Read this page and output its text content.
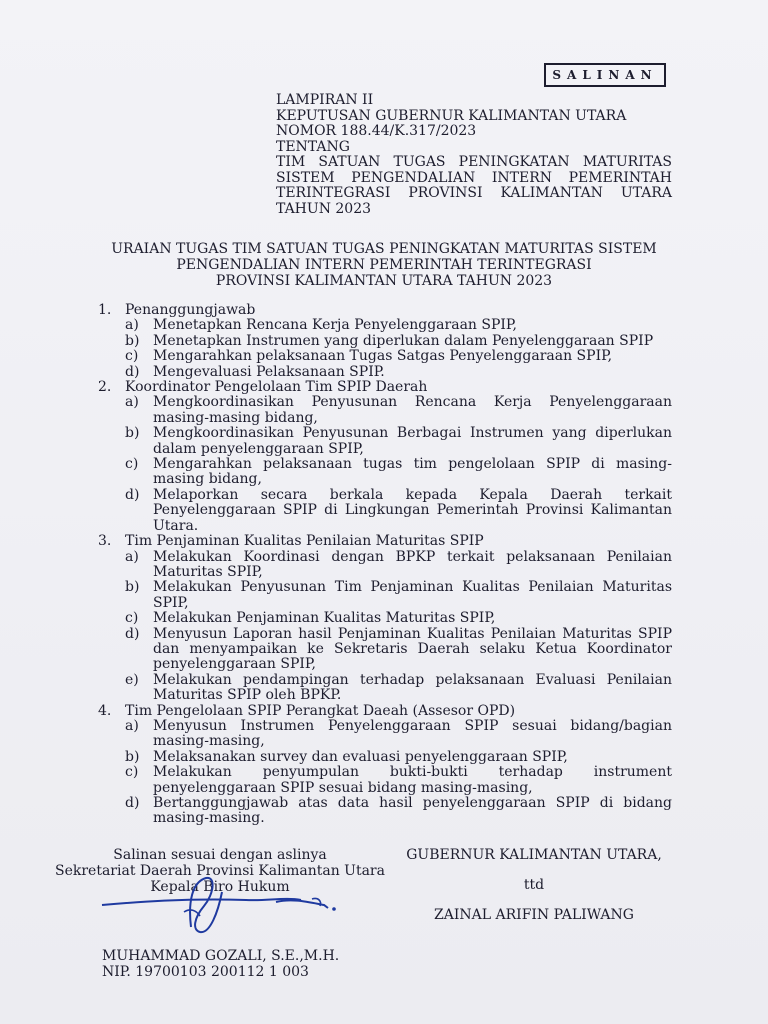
SALINAN
LAMPIRAN II
KEPUTUSAN GUBERNUR KALIMANTAN UTARA
NOMOR 188.44/K.317/2023
TENTANG
TIM SATUAN TUGAS PENINGKATAN MATURITAS
SISTEM PENGENDALIAN INTERN PEMERINTAH
TERINTEGRASI PROVINSI KALIMANTAN UTARA
TAHUN 2023
URAIAN TUGAS TIM SATUAN TUGAS PENINGKATAN MATURITAS SISTEM
PENGENDALIAN INTERN PEMERINTAH TERINTEGRASI
PROVINSI KALIMANTAN UTARA TAHUN 2023
1. Penanggungjawab
a)	Menetapkan Rencana Kerja Penyelenggaraan SPIP,
b) Menetapkan Instrumen yang diperlukan dalam Penyelenggaraan SPIP
c)	Mengarahkan pelaksanaan Tugas Satgas Penyelenggaraan SPIP,
d) Mengevaluasi Pelaksanaan SPIP.
2. Koordinator Pengelolaan Tim SPIP Daerah
a)	Mengkoordinasikan Penyusunan Rencana Kerja Penyelenggaraan masing-masing bidang,
b) Mengkoordinasikan Penyusunan Berbagai Instrumen yang diperlukan dalam penyelenggaraan SPIP,
c)	Mengarahkan pelaksanaan tugas tim pengelolaan SPIP di masing-masing bidang,
d) Melaporkan secara berkala kepada Kepala Daerah terkait Penyelenggaraan SPIP di Lingkungan Pemerintah Provinsi Kalimantan Utara.
3. Tim Penjaminan Kualitas Penilaian Maturitas SPIP
a)	Melakukan Koordinasi dengan BPKP terkait pelaksanaan Penilaian Maturitas SPIP,
b) Melakukan Penyusunan Tim Penjaminan Kualitas Penilaian Maturitas SPIP,
c)	Melakukan Penjaminan Kualitas Maturitas SPIP,
d) Menyusun Laporan hasil Penjaminan Kualitas Penilaian Maturitas SPIP dan menyampaikan ke Sekretaris Daerah selaku Ketua Koordinator penyelenggaraan SPIP,
e)	Melakukan pendampingan terhadap pelaksanaan Evaluasi Penilaian Maturitas SPIP oleh BPKP.
4. Tim Pengelolaan SPIP Perangkat Daeah (Assesor OPD)
a)	Menyusun Instrumen Penyelenggaraan SPIP sesuai bidang/bagian masing-masing,
b) Melaksanakan survey dan evaluasi penyelenggaraan SPIP,
c)	Melakukan penyumpulan bukti-bukti terhadap instrument penyelenggaraan SPIP sesuai bidang masing-masing,
d) Bertanggungjawab atas data hasil penyelenggaraan SPIP di bidang masing-masing.
Salinan sesuai dengan aslinya
Sekretariat Daerah Provinsi Kalimantan Utara
Kepala Biro Hukum
MUHAMMAD GOZALI, S.E.,M.H.
NIP. 19700103 200112 1 003
GUBERNUR KALIMANTAN UTARA,
ttd
ZAINAL ARIFIN PALIWANG
